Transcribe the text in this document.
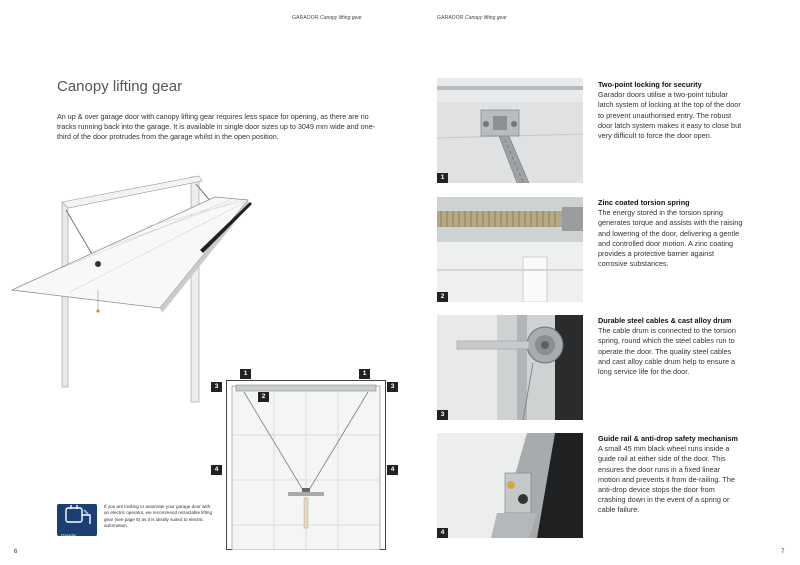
GARADOR Canopy lifting gear	GARADOR Canopy lifting gear
Canopy lifting gear
An up & over garage door with canopy lifting gear requires less space for opening, as there are no tracks running back into the garage. It is available in single door sizes up to 3049 mm wide and one-third of the door protrudes from the garage whilst in the open position.
1	1
2
3	3
4	4
Garadry
If you are looking to automate your garage door with an electric operator, we recommend retractable lifting gear (see page 8) as it is ideally suited to electric automation.
6	7
1
2
3
4
Two-point locking for security
Garador doors utilise a two-point tubular latch system of locking at the top of the door to prevent unauthorised entry. The robust door latch system makes it easy to close but very difficult to force the door open.
Zinc coated torsion spring
The energy stored in the torsion spring generates torque and assists with the raising and lowering of the door, delivering a gentle and controlled door motion. A zinc coating provides a protective barrier against corrosive substances.
Durable steel cables & cast alloy drum
The cable drum is connected to the torsion spring, round which the steel cables run to operate the door. The quality steel cables and cast alloy cable drum help to ensure a long service life for the door.
Guide rail & anti-drop safety mechanism
A small 45 mm black wheel runs inside a guide rail at either side of the door. This ensures the door runs in a fixed linear motion and prevents it from de-railing. The anti-drop device stops the door from crashing down in the event of a spring or cable failure.
